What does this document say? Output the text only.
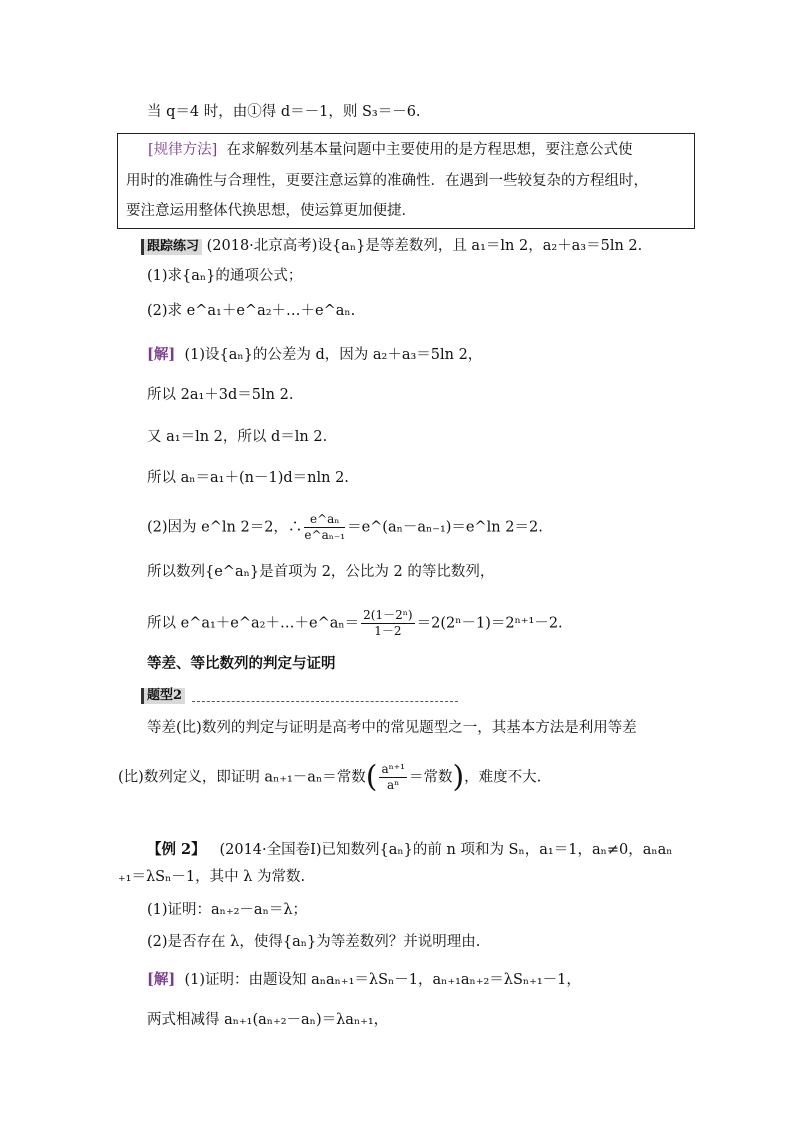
当 q＝4 时，由①得 d＝－1，则 S₃＝－6.
[规律方法] 在求解数列基本量问题中主要使用的是方程思想，要注意公式使
用时的准确性与合理性，更要注意运算的准确性．在遇到一些较复杂的方程组时，
要注意运用整体代换思想，使运算更加便捷．
跟踪练习 (2018·北京高考)设{aₙ}是等差数列，且 a₁＝ln 2，a₂＋a₃＝5ln 2.
(1)求{aₙ}的通项公式；
(2)求 e^a₁＋e^a₂＋…＋e^aₙ.
[解] (1)设{aₙ}的公差为 d，因为 a₂＋a₃＝5ln 2，
所以 2a₁＋3d＝5ln 2.
又 a₁＝ln 2，所以 d＝ln 2.
所以 aₙ＝a₁＋(n－1)d＝nln 2.
(2)因为 e^ln 2＝2，∴ $\frac{\text{e\textasciicircum{}aₙ}}{\text{e\textasciicircum{}aₙ₋₁}}$ ＝e^(aₙ－aₙ₋₁)＝e^ln 2＝2.
所以数列{e^aₙ}是首项为 2，公比为 2 的等比数列，
所以 e^a₁＋e^a₂＋…＋e^aₙ＝ $\frac{\text{2(1－2ⁿ)}}{1-2} =2(2^n-1)=2^{n+1}-2$.
等差、等比数列的判定与证明
题型2
等差(比)数列的判定与证明是高考中的常见题型之一，其基本方法是利用等差
(比)数列定义，即证明 aₙ₊₁－aₙ＝常数( $\frac{\text{aⁿ⁺¹}}{\text{aⁿ}}$ ＝常数)，难度不大.
【例 2】 (2014·全国卷Ⅰ)已知数列{aₙ}的前 n 项和为 Sₙ，a₁＝1，aₙ≠0，aₙaₙ
₊₁＝λSₙ－1，其中 λ 为常数.
(1)证明：aₙ₊₂－aₙ＝λ；
(2)是否存在 λ，使得{aₙ}为等差数列？并说明理由.
[解] (1)证明：由题设知 aₙaₙ₊₁＝λSₙ－1，aₙ₊₁aₙ₊₂＝λSₙ₊₁－1，
两式相减得 aₙ₊₁(aₙ₊₂－aₙ)＝λaₙ₊₁，
